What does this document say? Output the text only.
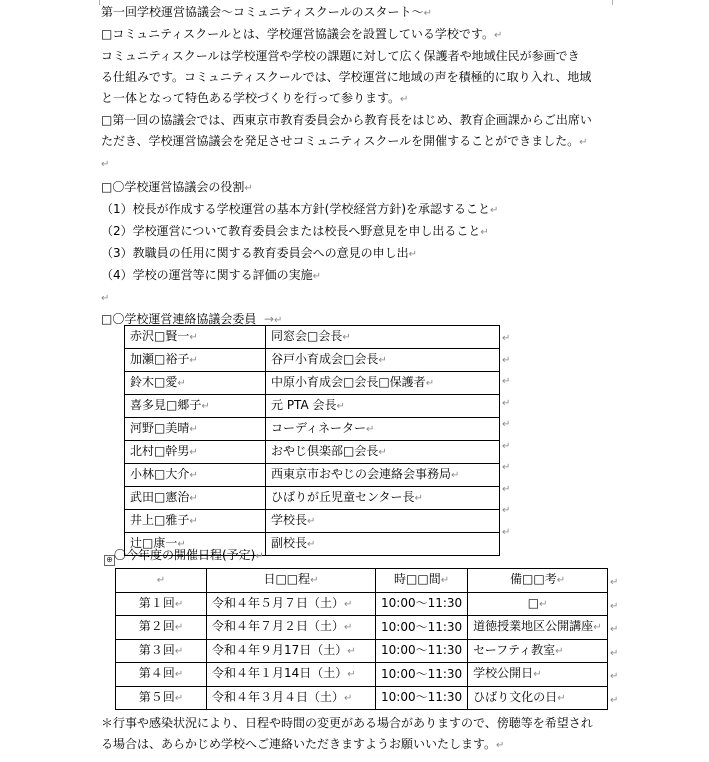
第一回学校運営協議会～コミュニティスクールのスタート～↵

□コミュニティスクールとは、学校運営協議会を設置している学校です。↵

コミュニティスクールは学校運営や学校の課題に対して広く保護者や地域住民が参画でき

る仕組みです。コミュニティスクールでは、学校運営に地域の声を積極的に取り入れ、地域

と一体となって特色ある学校づくりを行って参ります。↵

□第一回の協議会では、西東京市教育委員会から教育長をはじめ、教育企画課からご出席い

ただき、学校運営協議会を発足させコミュニティスクールを開催することができました。↵

↵

□〇学校運営協議会の役割↵

（1）校長が作成する学校運営の基本方針(学校経営方針)を承認すること↵

（2）学校運営について教育委員会または校長へ野意見を申し出ること↵

（3）教職員の任用に関する教育委員会への意見の申し出↵

（4）学校の運営等に関する評価の実施↵

↵

□〇学校運営連絡協議会委員 →↵

赤沢□賢一↵	同窓会□会長↵
加瀬□裕子↵	谷戸小育成会□会長↵
鈴木□愛↵	中原小育成会□会長□保護者↵
喜多見□郷子↵	元 PTA 会長↵
河野□美晴↵	コーディネーター↵
北村□幹男↵	おやじ倶楽部□会長↵
小林□大介↵	西東京市おやじの会連絡会事務局↵
武田□憲治↵	ひばりが丘児童センター長↵
井上□雅子↵	学校長↵
辻□康一↵	副校長↵
↵
↵
↵
↵
↵
↵
↵
↵
↵
↵
⊕ 〇今年度の開催日程(予定)↵
↵	日□□程↵	時□□間↵	備□□考↵
第１回↵	令和４年５月７日（土）↵	10:00～11:30	□↵
第２回↵	令和４年７月２日（土）↵	10:00～11:30	道徳授業地区公開講座↵
第３回↵	令和４年９月17日（土）↵	10:00～11:30	セーフティ教室↵
第４回↵	令和４年１月14日（土）↵	10:00～11:30	学校公開日↵
第５回↵	令和４年３月４日（土）↵	10:00～11:30	ひばり文化の日↵
↵
↵
↵
↵
↵
↵

＊行事や感染状況により、日程や時間の変更がある場合がありますので、傍聴等を希望され

る場合は、あらかじめ学校へご連絡いただきますようお願いいたします。↵
